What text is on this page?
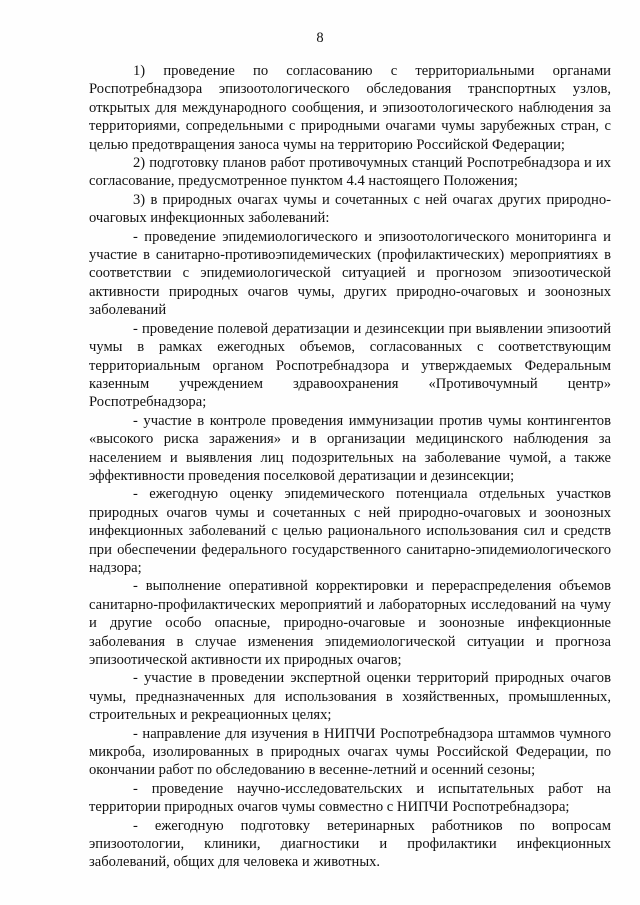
8

1) проведение по согласованию с территориальными органами Роспотребнадзора эпизоотологического обследования транспортных узлов, открытых для международного сообщения, и эпизоотологического наблюдения за территориями, сопредельными с природными очагами чумы зарубежных стран, с целью предотвращения заноса чумы на территорию Российской Федерации;

2) подготовку планов работ противочумных станций Роспотребнадзора и их согласование, предусмотренное пунктом 4.4 настоящего Положения;

3) в природных очагах чумы и сочетанных с ней очагах других природно-очаговых инфекционных заболеваний:

- проведение эпидемиологического и эпизоотологического мониторинга и участие в санитарно-противоэпидемических (профилактических) мероприятиях в соответствии с эпидемиологической ситуацией и прогнозом эпизоотической активности природных очагов чумы, других природно-очаговых и зоонозных заболеваний

- проведение полевой дератизации и дезинсекции при выявлении эпизоотий чумы в рамках ежегодных объемов, согласованных с соответствующим территориальным органом Роспотребнадзора и утверждаемых Федеральным казенным учреждением здравоохранения «Противочумный центр» Роспотребнадзора;

- участие в контроле проведения иммунизации против чумы контингентов «высокого риска заражения» и в организации медицинского наблюдения за населением и выявления лиц подозрительных на заболевание чумой, а также эффективности проведения поселковой дератизации и дезинсекции;

- ежегодную оценку эпидемического потенциала отдельных участков природных очагов чумы и сочетанных с ней природно-очаговых и зоонозных инфекционных заболеваний с целью рационального использования сил и средств при обеспечении федерального государственного санитарно-эпидемиологического надзора;

- выполнение оперативной корректировки и перераспределения объемов санитарно-профилактических мероприятий и лабораторных исследований на чуму и другие особо опасные, природно-очаговые и зоонозные инфекционные заболевания в случае изменения эпидемиологической ситуации и прогноза эпизоотической активности их природных очагов;

- участие в проведении экспертной оценки территорий природных очагов чумы, предназначенных для использования в хозяйственных, промышленных, строительных и рекреационных целях;

- направление для изучения в НИПЧИ Роспотребнадзора штаммов чумного микроба, изолированных в природных очагах чумы Российской Федерации, по окончании работ по обследованию в весенне-летний и осенний сезоны;

- проведение научно-исследовательских и испытательных работ на территории природных очагов чумы совместно с НИПЧИ Роспотребнадзора;

- ежегодную подготовку ветеринарных работников по вопросам эпизоотологии, клиники, диагностики и профилактики инфекционных заболеваний, общих для человека и животных.
